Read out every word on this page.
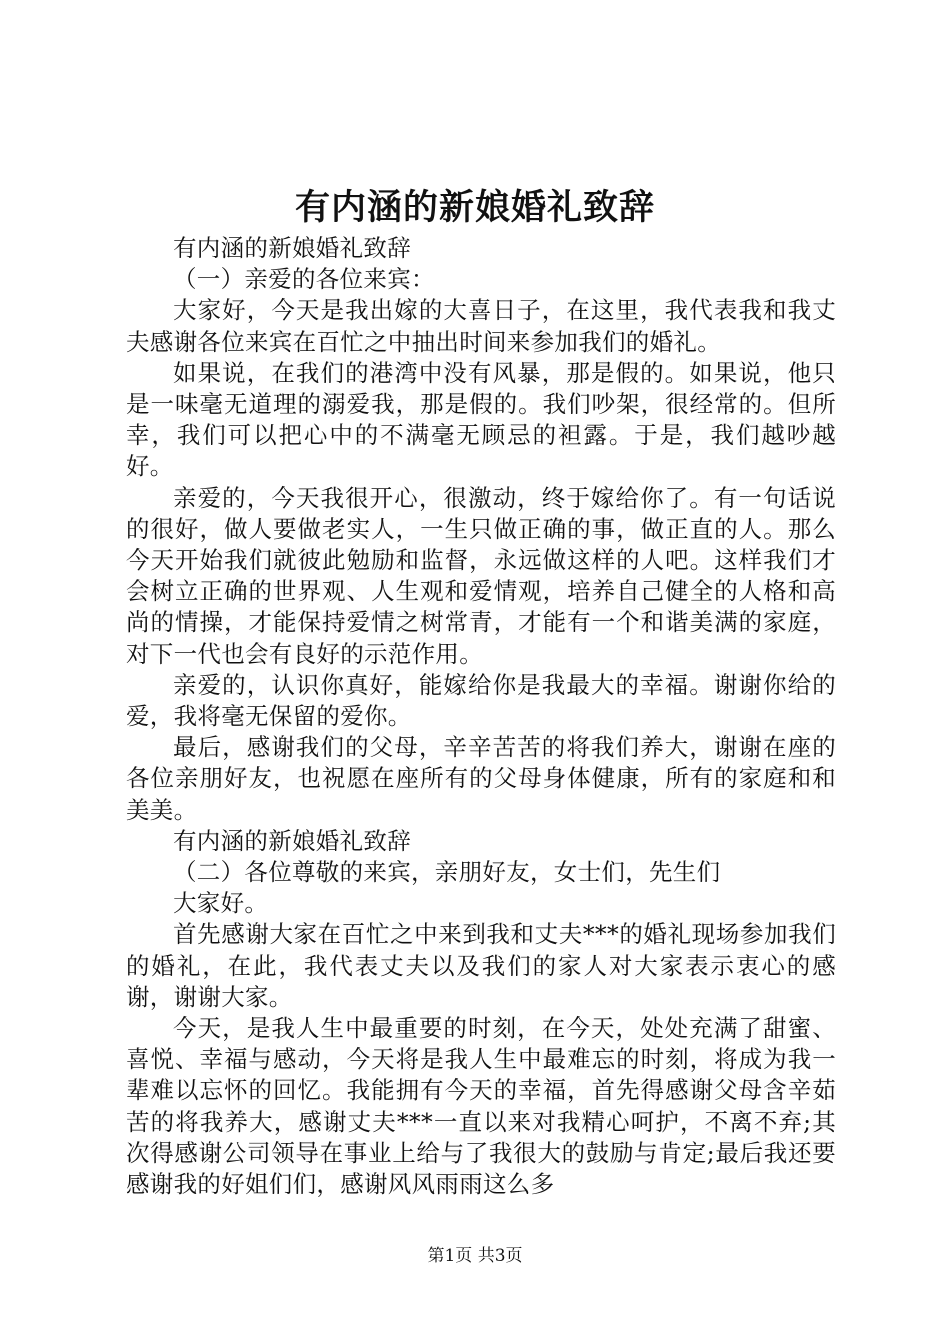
有内涵的新娘婚礼致辞

有内涵的新娘婚礼致辞

（一）亲爱的各位来宾：

大家好，今天是我出嫁的大喜日子，在这里，我代表我和我丈夫感谢各位来宾在百忙之中抽出时间来参加我们的婚礼。

如果说，在我们的港湾中没有风暴，那是假的。如果说，他只是一味毫无道理的溺爱我，那是假的。我们吵架，很经常的。但所幸，我们可以把心中的不满毫无顾忌的袒露。于是，我们越吵越好。

亲爱的，今天我很开心，很激动，终于嫁给你了。有一句话说的很好，做人要做老实人，一生只做正确的事，做正直的人。那么今天开始我们就彼此勉励和监督，永远做这样的人吧。这样我们才会树立正确的世界观、人生观和爱情观，培养自己健全的人格和高尚的情操，才能保持爱情之树常青，才能有一个和谐美满的家庭，对下一代也会有良好的示范作用。

亲爱的，认识你真好，能嫁给你是我最大的幸福。谢谢你给的爱，我将毫无保留的爱你。

最后，感谢我们的父母，辛辛苦苦的将我们养大，谢谢在座的各位亲朋好友，也祝愿在座所有的父母身体健康，所有的家庭和和美美。

有内涵的新娘婚礼致辞

（二）各位尊敬的来宾，亲朋好友，女士们，先生们

大家好。

首先感谢大家在百忙之中来到我和丈夫***的婚礼现场参加我们的婚礼，在此，我代表丈夫以及我们的家人对大家表示衷心的感谢，谢谢大家。

今天，是我人生中最重要的时刻，在今天，处处充满了甜蜜、喜悦、幸福与感动，今天将是我人生中最难忘的时刻，将成为我一辈难以忘怀的回忆。我能拥有今天的幸福，首先得感谢父母含辛茹苦的将我养大，感谢丈夫***一直以来对我精心呵护，不离不弃;其次得感谢公司领导在事业上给与了我很大的鼓励与肯定;最后我还要感谢我的好姐们们，感谢风风雨雨这么多

第1页 共3页
